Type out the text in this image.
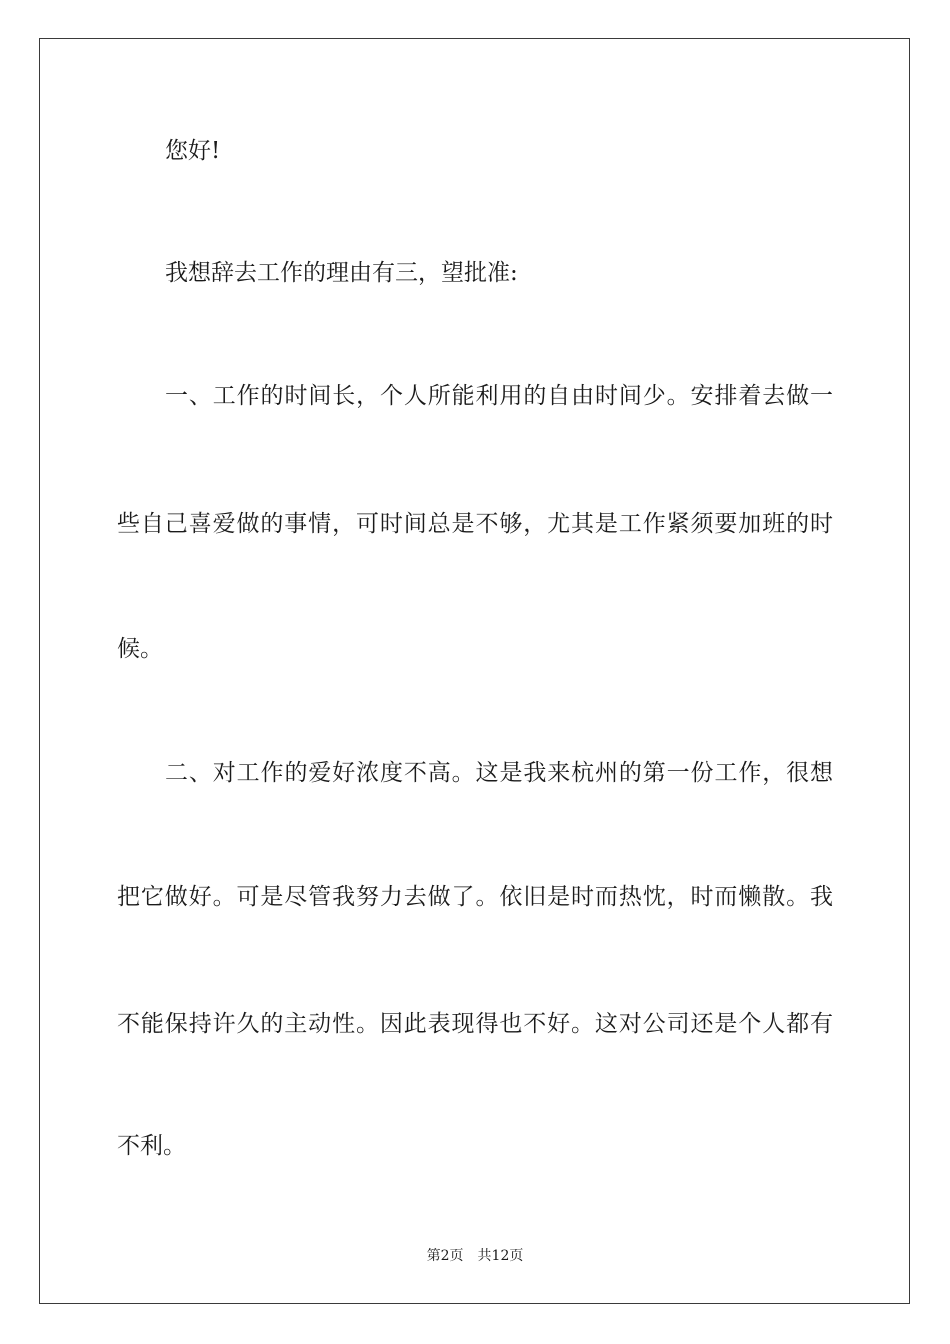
您好!
我想辞去工作的理由有三，望批准:
一、工作的时间长，个人所能利用的自由时间少。安排着去做一
些自己喜爱做的事情，可时间总是不够，尤其是工作紧须要加班的时
候。
二、对工作的爱好浓度不高。这是我来杭州的第一份工作，很想
把它做好。可是尽管我努力去做了。依旧是时而热忱，时而懒散。我
不能保持许久的主动性。因此表现得也不好。这对公司还是个人都有
不利。
第2页 共12页
